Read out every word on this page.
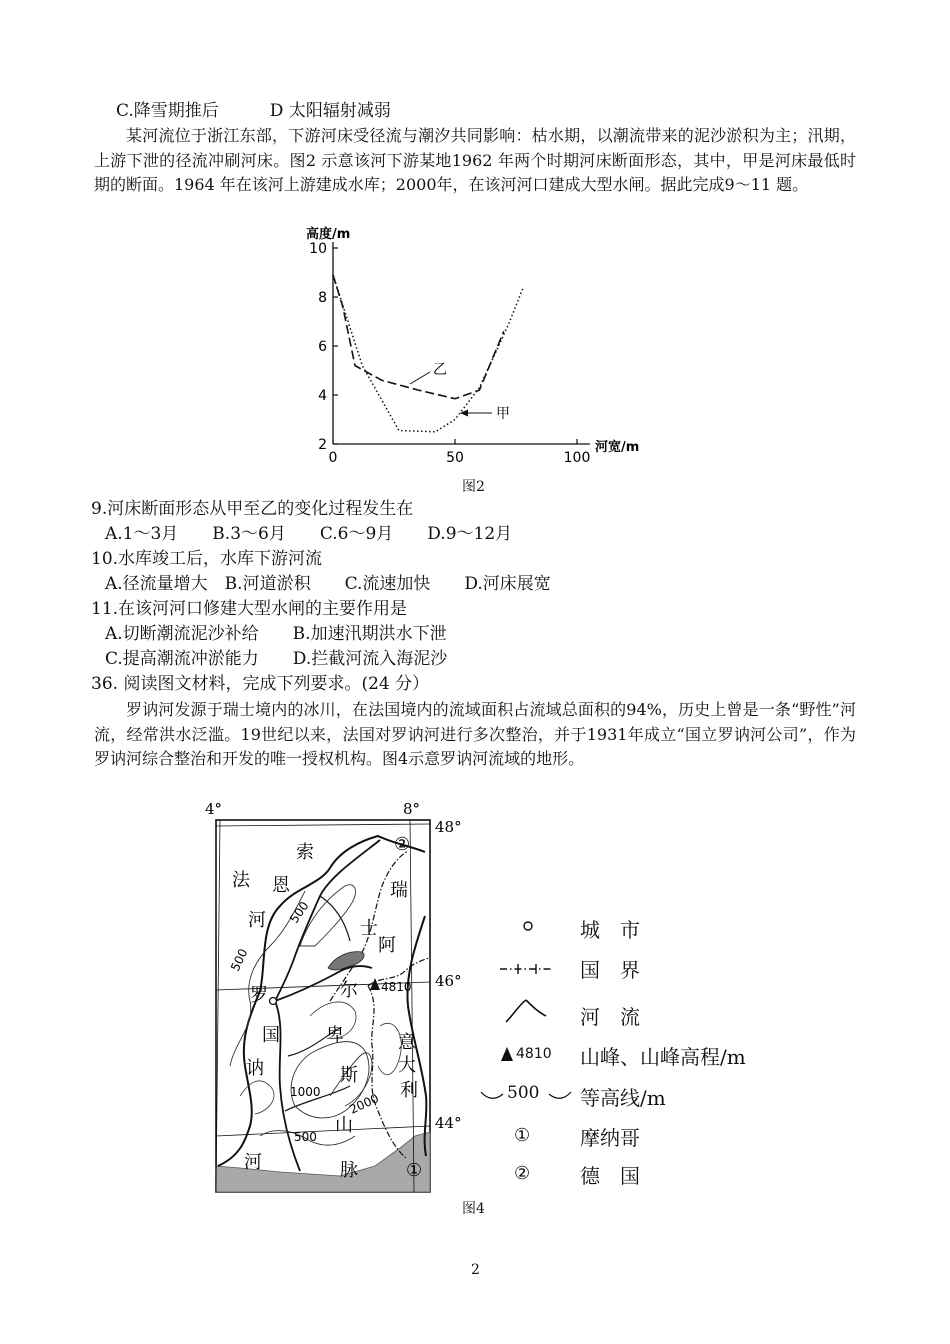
C.降雪期推后　　　D 太阳辐射减弱
某河流位于浙江东部，下游河床受径流与潮汐共同影响：枯水期，以潮流带来的泥沙淤积为主；汛期，上游下泄的径流冲刷河床。图2 示意该河下游某地1962 年两个时期河床断面形态，其中，甲是河床最低时期的断面。1964 年在该河上游建成水库；2000年，在该河河口建成大型水闸。据此完成9～11 题。
高度/m
河宽/m
2
4
6
8
10
0	50	100
乙
甲
图2
9.河床断面形态从甲至乙的变化过程发生在
A.1～3月　　B.3～6月　　C.6～9月　　D.9～12月
10.水库竣工后，水库下游河流
A.径流量增大　B.河道淤积　　C.流速加快　　D.河床展宽
11.在该河河口修建大型水闸的主要作用是
A.切断潮流泥沙补给　　B.加速汛期洪水下泄
C.提高潮流冲淤能力　　D.拦截河流入海泥沙
36. 阅读图文材料，完成下列要求。(24 分）
罗讷河发源于瑞士境内的冰川，在法国境内的流域面积占流域总面积的94%，历史上曾是一条“野性”河流，经常洪水泛滥。19世纪以来，法国对罗讷河进行多次整治，并于1931年成立“国立罗讷河公司”，作为罗讷河综合整治和开发的唯一授权机构。图4示意罗讷河流域的地形。
4°	8°
48°
46°
44°
法
国
索
恩
河
罗
讷
河
瑞
士
阿
尔
卑
斯
山
脉
意
大
利
①
②
500
500
1000 2000
500
4810
图4
4810
500
①
②
城　市
国　界
河　流
山峰、山峰高程/m
等高线/m
摩纳哥
德　国
2
